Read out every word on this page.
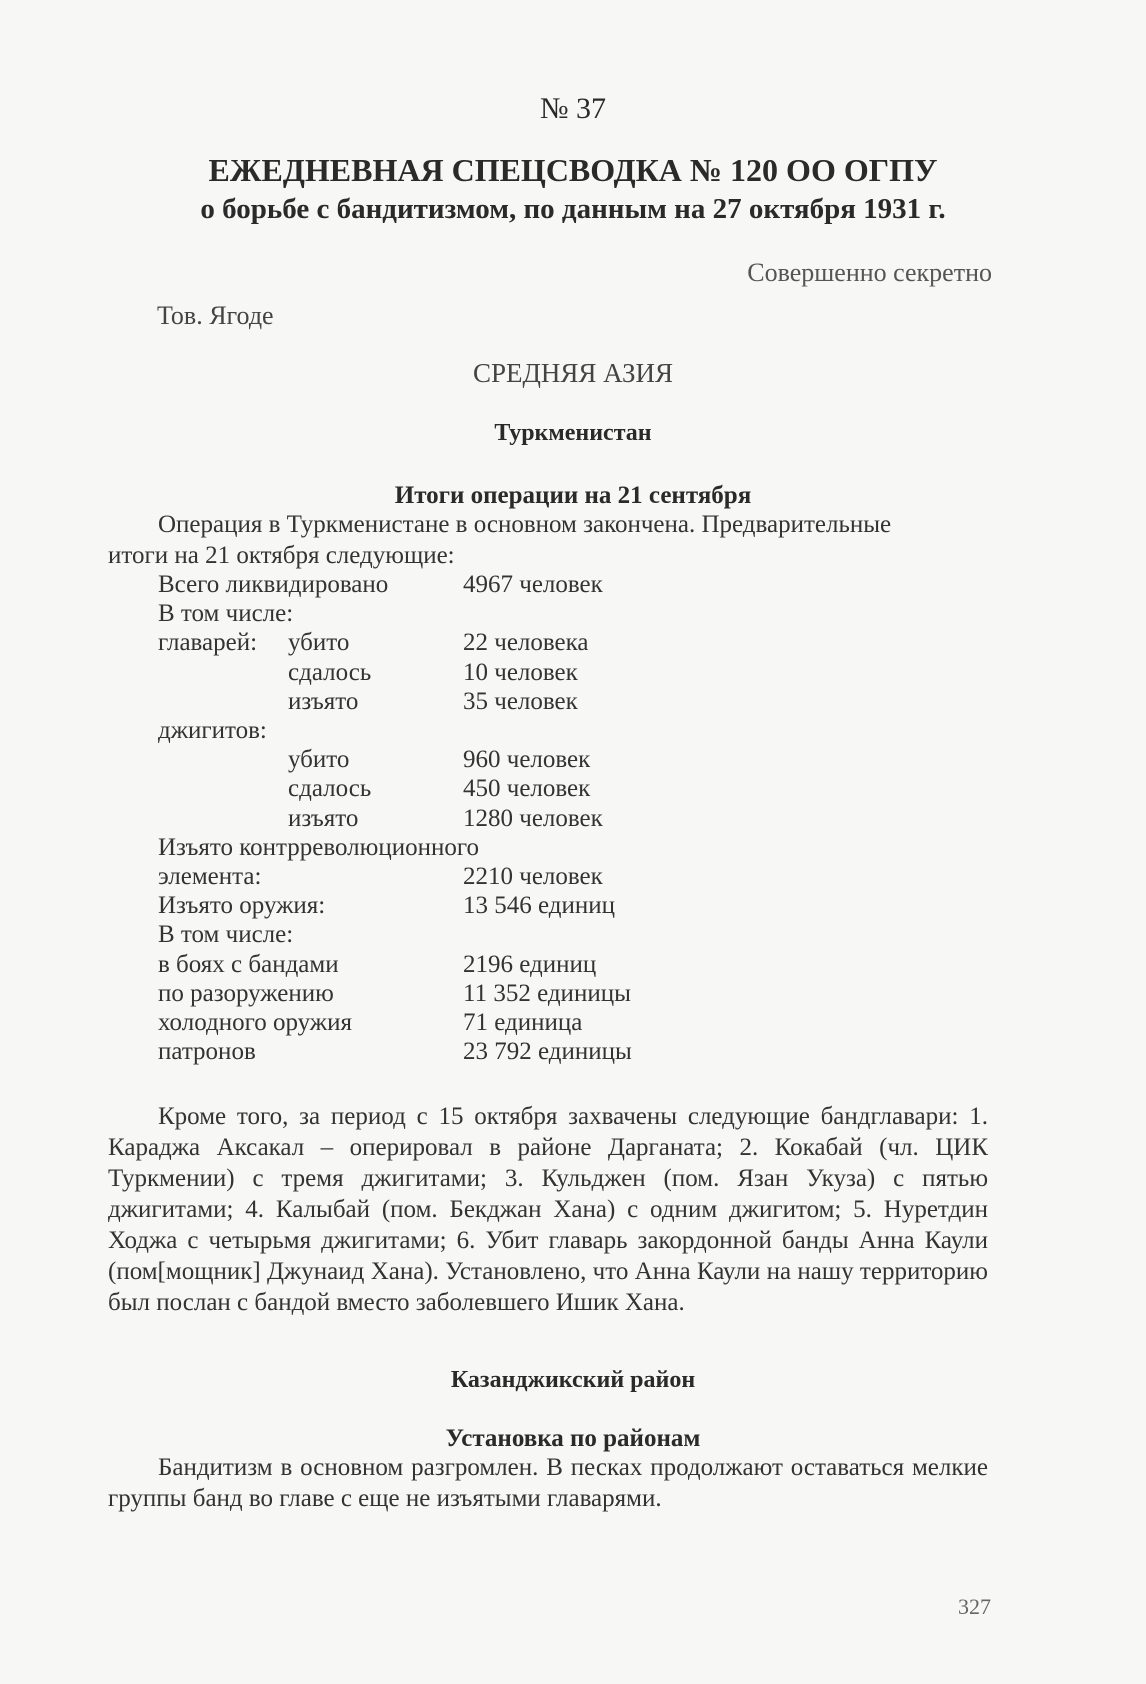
№ 37
ЕЖЕДНЕВНАЯ СПЕЦСВОДКА № 120 ОО ОГПУ
о борьбе с бандитизмом, по данным на 27 октября 1931 г.
Совершенно секретно
Тов. Ягоде
СРЕДНЯЯ АЗИЯ
Туркменистан
Итоги операции на 21 сентября
Операция в Туркменистане в основном закончена. Предварительные
итоги на 21 октября следующие:
Всего ликвидировано	4967 человек
В том числе:
главарей: убито	22 человека
сдалось	10 человек
изъято	35 человек
джигитов:
убито	960 человек
сдалось	450 человек
изъято	1280 человек
Изъято контрреволюционного
элемента:	2210 человек
Изъято оружия:	13 546 единиц
В том числе:
в боях с бандами	2196 единиц
по разоружению	11 352 единицы
холодного оружия	71 единица
патронов	23 792 единицы
Кроме того, за период с 15 октября захвачены следующие бандглавари: 1. Караджа Аксакал – оперировал в районе Дарганата; 2. Кокабай (чл. ЦИК Туркмении) с тремя джигитами; 3. Кульджен (пом. Язан Укуза) с пятью джигитами; 4. Калыбай (пом. Бекджан Хана) с одним джигитом; 5. Нуретдин Ходжа с четырьмя джигитами; 6. Убит главарь закордонной банды Анна Каули (пом[мощник] Джунаид Хана). Установлено, что Анна Каули на нашу территорию был послан с бандой вместо заболевшего Ишик Хана.
Казанджикский район
Установка по районам
Бандитизм в основном разгромлен. В песках продолжают оставаться мелкие группы банд во главе с еще не изъятыми главарями.
327
